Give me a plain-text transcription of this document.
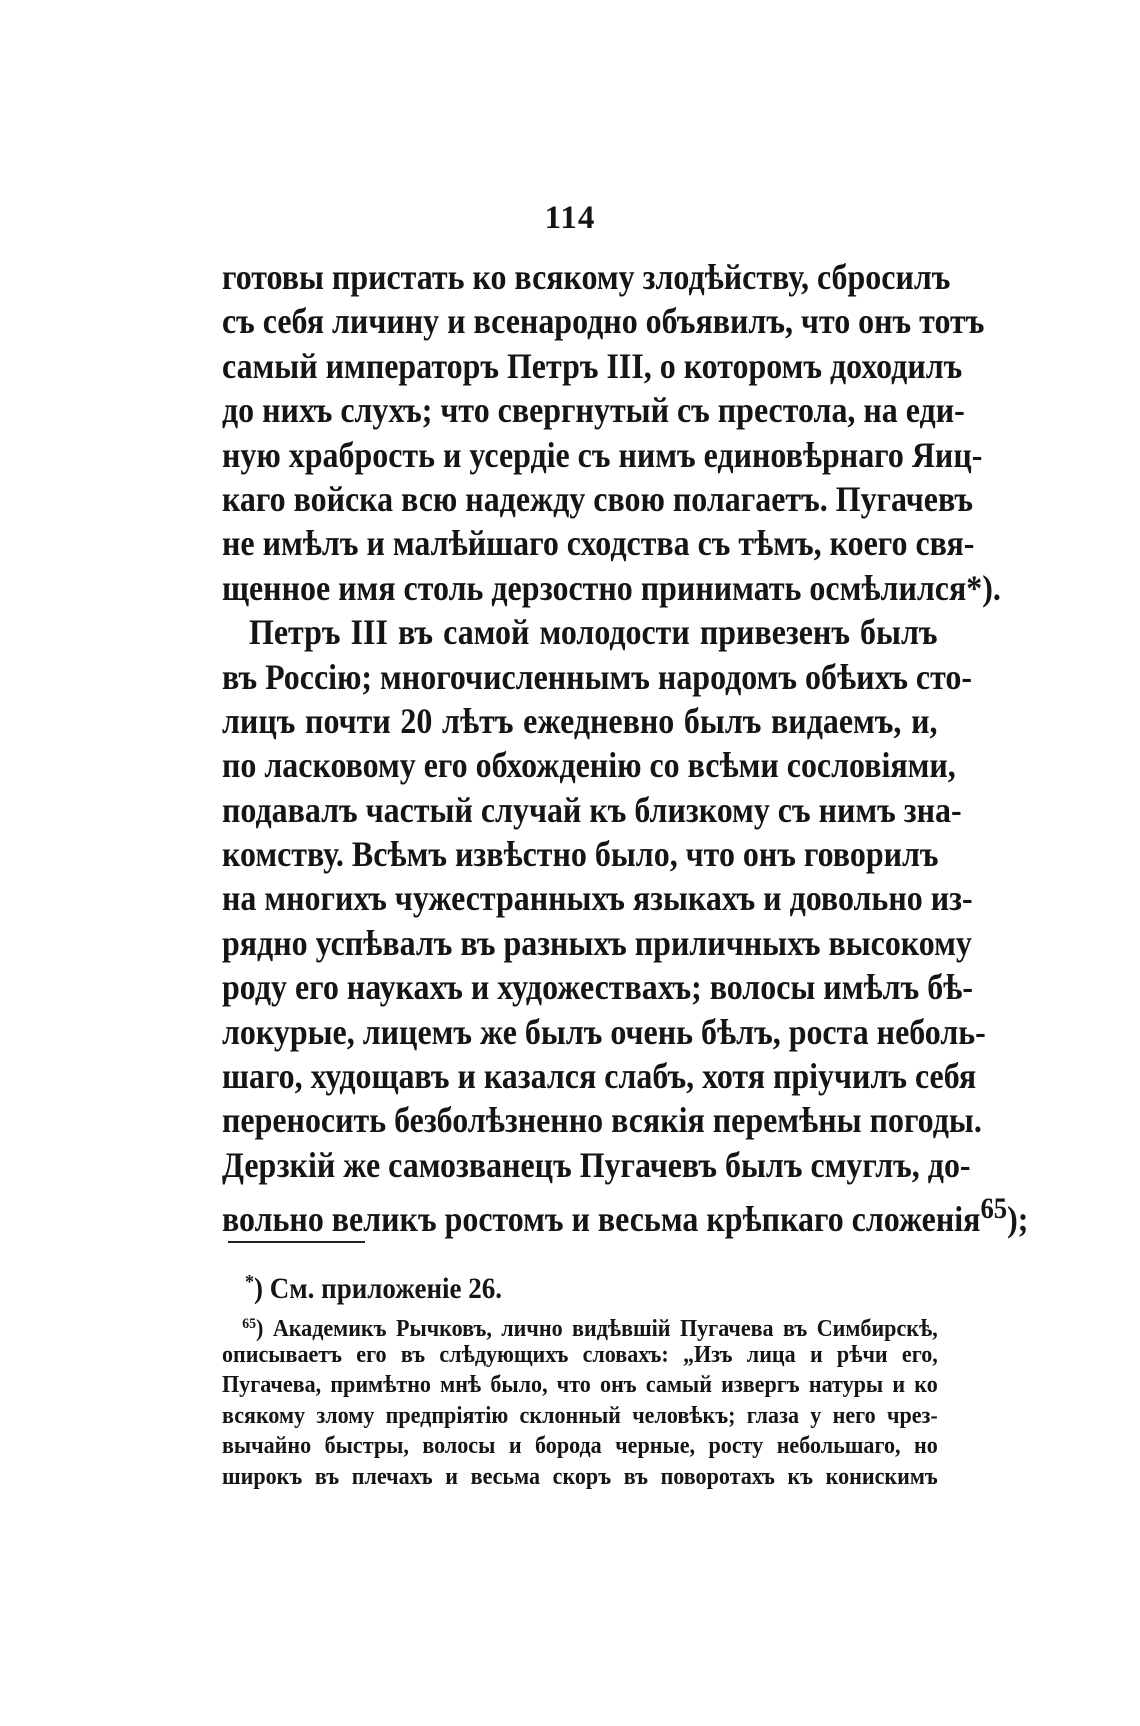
114
готовы пристать ко всякому злодѣйству, сбросилъ
съ себя личину и всенародно объявилъ, что онъ тотъ
самый императоръ Петръ III, о которомъ доходилъ
до нихъ слухъ; что свергнутый съ престола, на еди-
ную храбрость и усердіе съ нимъ единовѣрнаго Яиц-
каго войска всю надежду свою полагаетъ. Пугачевъ
не имѣлъ и малѣйшаго сходства съ тѣмъ, коего свя-
щенное имя столь дерзостно принимать осмѣлился*).
Петръ III въ самой молодости привезенъ былъ
въ Россію; многочисленнымъ народомъ обѣихъ сто-
лицъ почти 20 лѣтъ ежедневно былъ видаемъ, и,
по ласковому его обхожденію со всѣми сословіями,
подавалъ частый случай къ близкому съ нимъ зна-
комству. Всѣмъ извѣстно было, что онъ говорилъ
на многихъ чужестранныхъ языкахъ и довольно из-
рядно успѣвалъ въ разныхъ приличныхъ высокому
роду его наукахъ и художествахъ; волосы имѣлъ бѣ-
локурые, лицемъ же былъ очень бѣлъ, роста неболь-
шаго, худощавъ и казался слабъ, хотя пріучилъ себя
переносить безболѣзненно всякія перемѣны погоды.
Дерзкій же самозванецъ Пугачевъ былъ смуглъ, до-
вольно великъ ростомъ и весьма крѣпкаго сложенія$^{65}$);
*) См. приложеніе 26.
$^{65}$) Академикъ Рычковъ, лично видѣвшій Пугачева въ Симбирскѣ,
описываетъ его въ слѣдующихъ словахъ: „Изъ лица и рѣчи его,
Пугачева, примѣтно мнѣ было, что онъ самый извергъ натуры и ко
всякому злому предпріятію склонный человѣкъ; глаза у него чрез-
вычайно быстры, волосы и борода черные, росту небольшаго, но
широкъ въ плечахъ и весьма скоръ въ поворотахъ къ конискимъ
